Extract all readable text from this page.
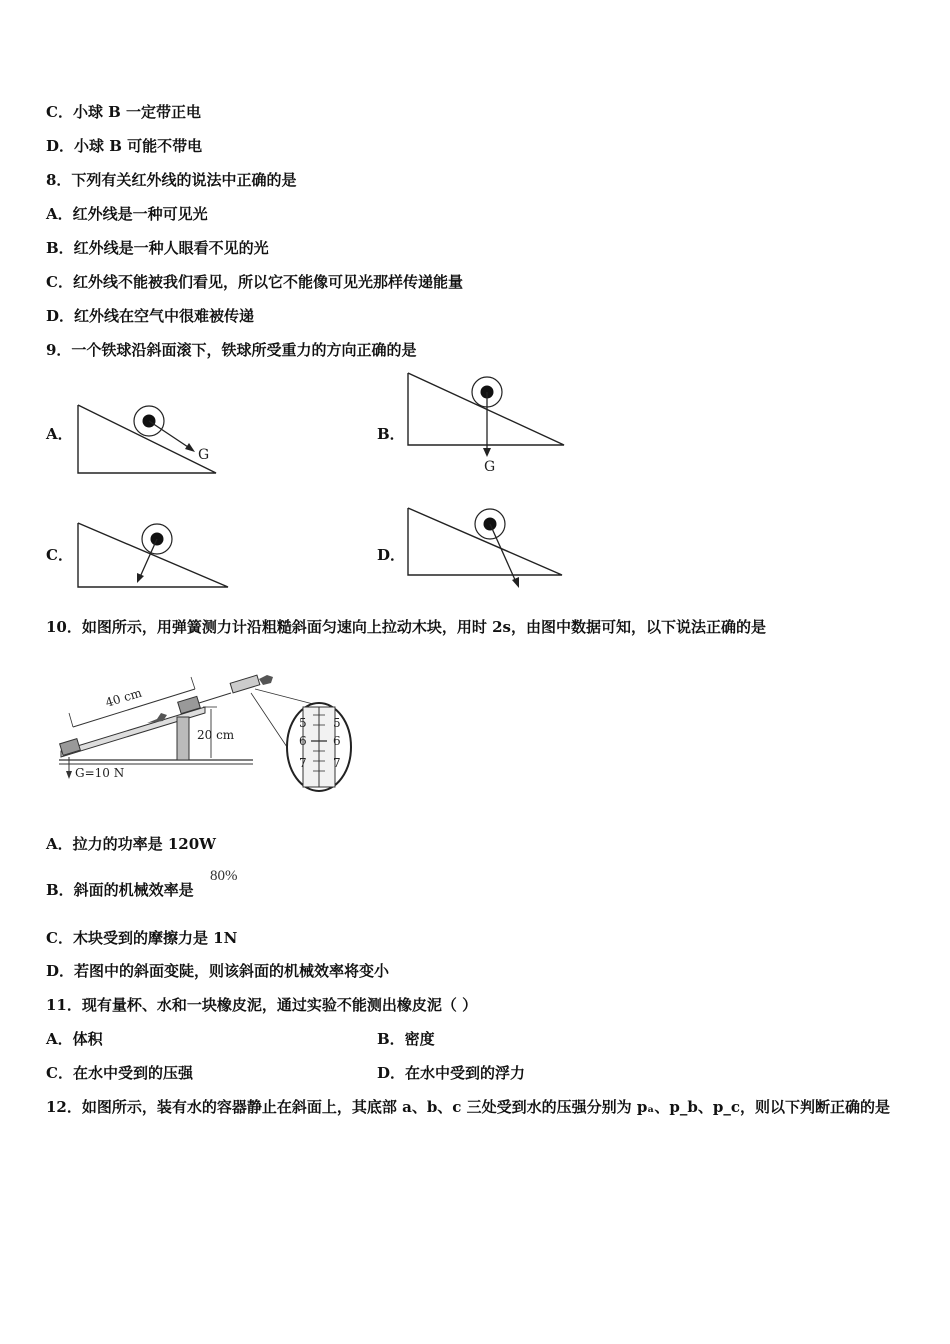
C．小球 B 一定带正电
D．小球 B 可能不带电
8．下列有关红外线的说法中正确的是
A．红外线是一种可见光
B．红外线是一种人眼看不见的光
C．红外线不能被我们看见，所以它不能像可见光那样传递能量
D．红外线在空气中很难被传递
9．一个铁球沿斜面滚下，铁球所受重力的方向正确的是
A．
G
B．
G
C．	D．
10．如图所示，用弹簧测力计沿粗糙斜面匀速向上拉动木块，用时 2s，由图中数据可知，以下说法正确的是
40 cm
20 cm
G=10 N
5
6
7
5
6
7
A．拉力的功率是 120W
B．斜面的机械效率是
80%
C．木块受到的摩擦力是 1N
D．若图中的斜面变陡，则该斜面的机械效率将变小
11．现有量杯、水和一块橡皮泥，通过实验不能测出橡皮泥（ ）
A．体积	B．密度
C．在水中受到的压强	D．在水中受到的浮力
12．如图所示，装有水的容器静止在斜面上，其底部 a、b、c 三处受到水的压强分别为 pₐ、p_b、p_c，则以下判断正确的是
